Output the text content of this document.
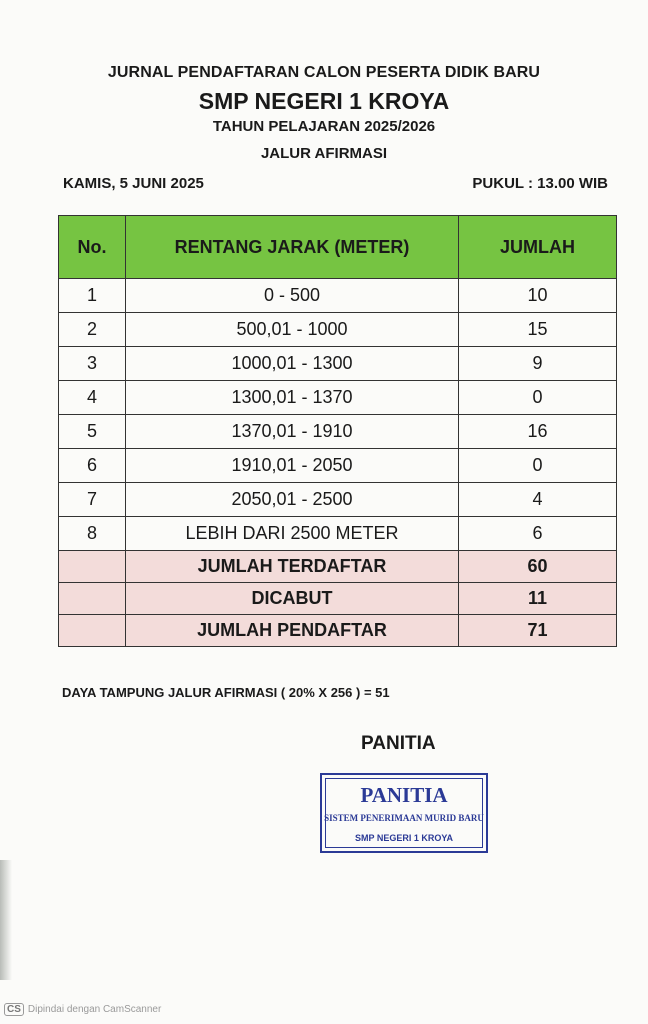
JURNAL PENDAFTARAN CALON PESERTA DIDIK BARU
SMP NEGERI 1 KROYA
TAHUN PELAJARAN 2025/2026
JALUR AFIRMASI
KAMIS, 5 JUNI 2025	PUKUL : 13.00 WIB
No.	RENTANG JARAK (METER)	JUMLAH
1	0 - 500	10
2	500,01 - 1000	15
3	1000,01 - 1300	9
4	1300,01 - 1370	0
5	1370,01 - 1910	16
6	1910,01 - 2050	0
7	2050,01 - 2500	4
8	LEBIH DARI 2500 METER	6
	JUMLAH TERDAFTAR	60
	DICABUT	11
	JUMLAH PENDAFTAR	71
DAYA TAMPUNG JALUR AFIRMASI ( 20% X 256 ) = 51
PANITIA
PANITIA
SISTEM PENERIMAAN MURID BARU
SMP NEGERI 1 KROYA
CS Dipindai dengan CamScanner
